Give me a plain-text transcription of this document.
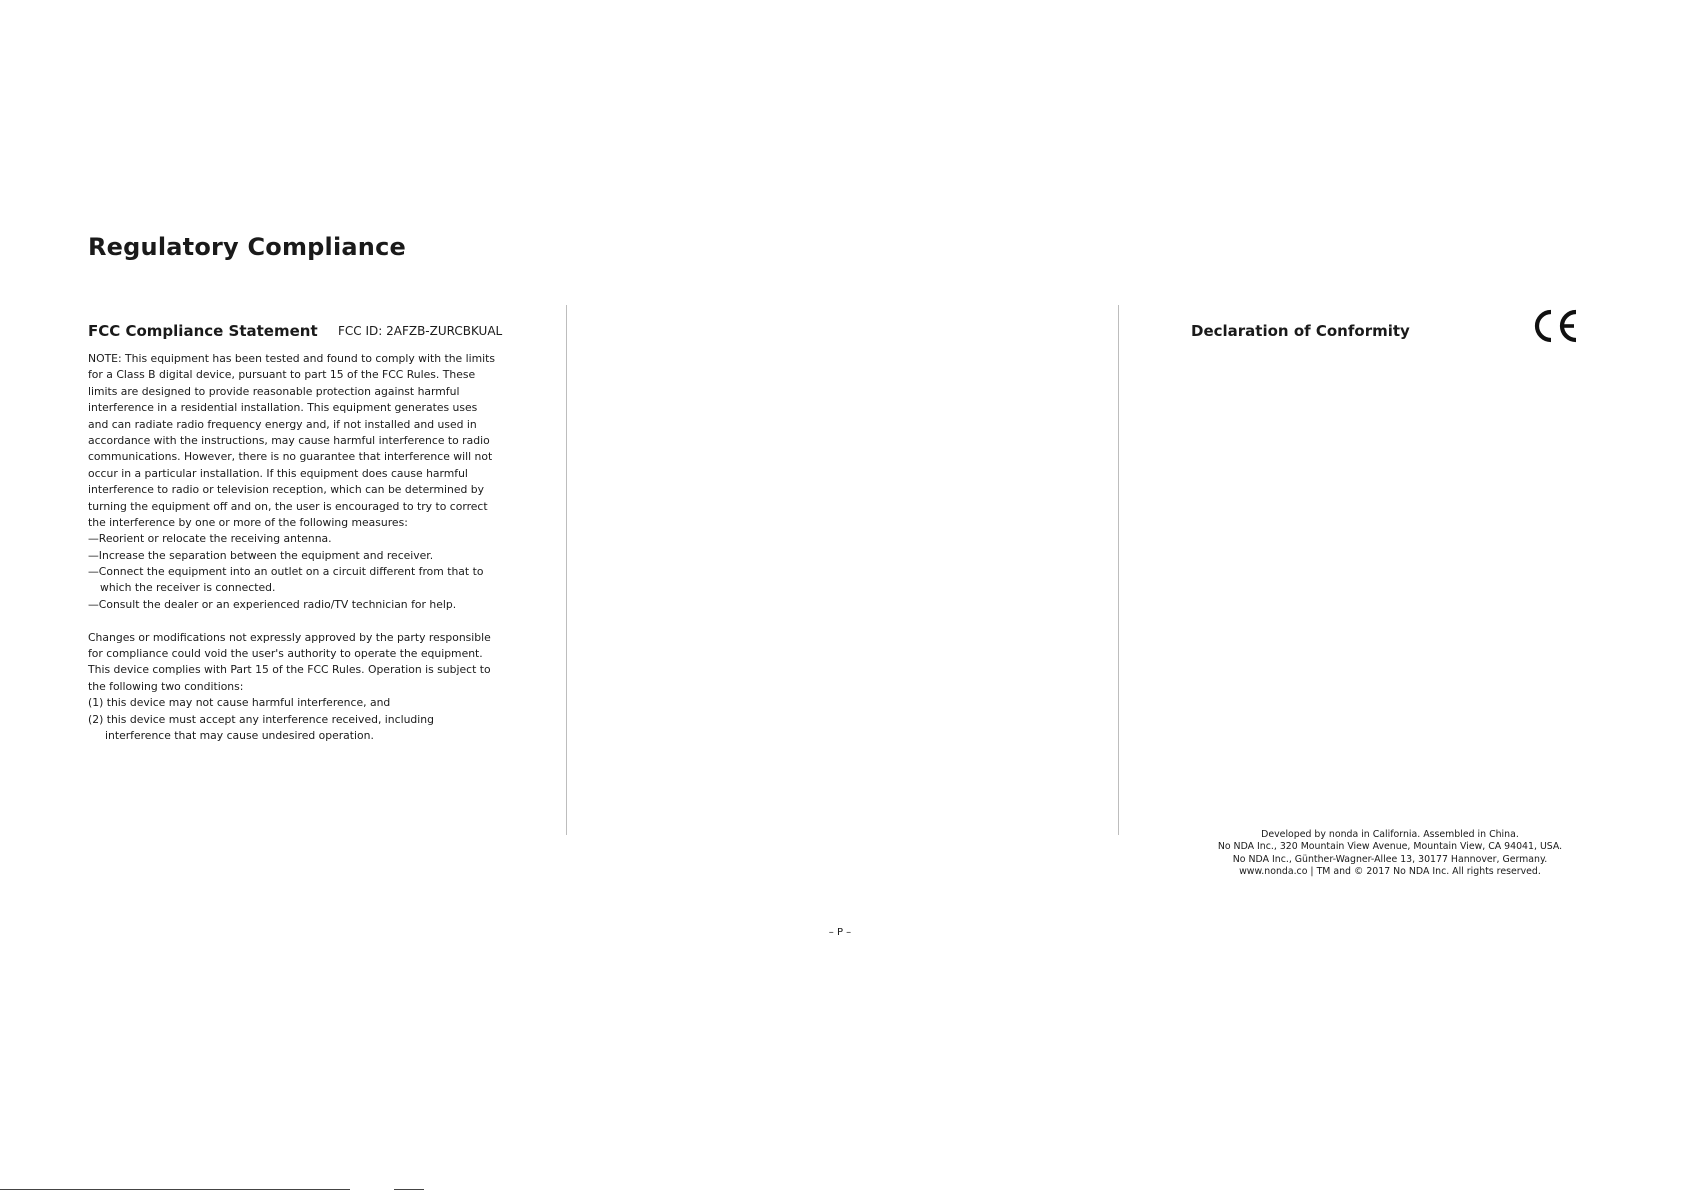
Regulatory Compliance
FCC Compliance Statement FCC ID: 2AFZB-ZURCBKUAL
NOTE: This equipment has been tested and found to comply with the limits
for a Class B digital device, pursuant to part 15 of the FCC Rules. These
limits are designed to provide reasonable protection against harmful
interference in a residential installation. This equipment generates uses
and can radiate radio frequency energy and, if not installed and used in
accordance with the instructions, may cause harmful interference to radio
communications. However, there is no guarantee that interference will not
occur in a particular installation. If this equipment does cause harmful
interference to radio or television reception, which can be determined by
turning the equipment off and on, the user is encouraged to try to correct
the interference by one or more of the following measures:
—Reorient or relocate the receiving antenna.
—Increase the separation between the equipment and receiver.
—Connect the equipment into an outlet on a circuit different from that to
which the receiver is connected.
—Consult the dealer or an experienced radio/TV technician for help.
Changes or modifications not expressly approved by the party responsible
for compliance could void the user's authority to operate the equipment.
This device complies with Part 15 of the FCC Rules. Operation is subject to
the following two conditions:
(1) this device may not cause harmful interference, and
(2) this device must accept any interference received, including
interference that may cause undesired operation.
Declaration of Conformity
Developed by nonda in California. Assembled in China.
No NDA Inc., 320 Mountain View Avenue, Mountain View, CA 94041, USA.
No NDA Inc., Günther-Wagner-Allee 13, 30177 Hannover, Germany.
www.nonda.co | TM and © 2017 No NDA Inc. All rights reserved.
– P –
